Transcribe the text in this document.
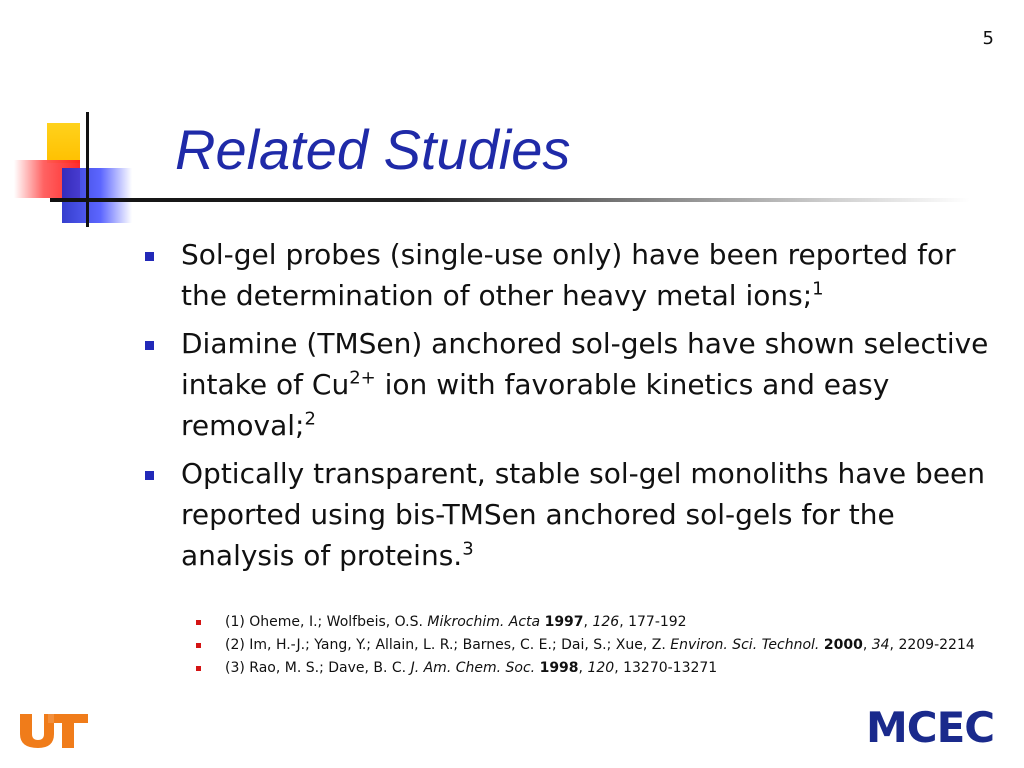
5
Related Studies
Sol-gel probes (single-use only) have been reported for the determination of other heavy metal ions;$^1$
Diamine (TMSen) anchored sol-gels have shown selective intake of $Cu^{2+}$ ion with favorable kinetics and easy removal;$^2$
Optically transparent, stable sol-gel monoliths have been reported using bis-TMSen anchored sol-gels for the analysis of proteins.$^3$
(1) Oheme, I.; Wolfbeis, O.S. Mikrochim. Acta 1997, 126, 177-192
(2) Im, H.-J.; Yang, Y.; Allain, L. R.; Barnes, C. E.; Dai, S.; Xue, Z. Environ. Sci. Technol. 2000, 34, 2209-2214
(3) Rao, M. S.; Dave, B. C. J. Am. Chem. Soc. 1998, 120, 13270-13271
MCEC
